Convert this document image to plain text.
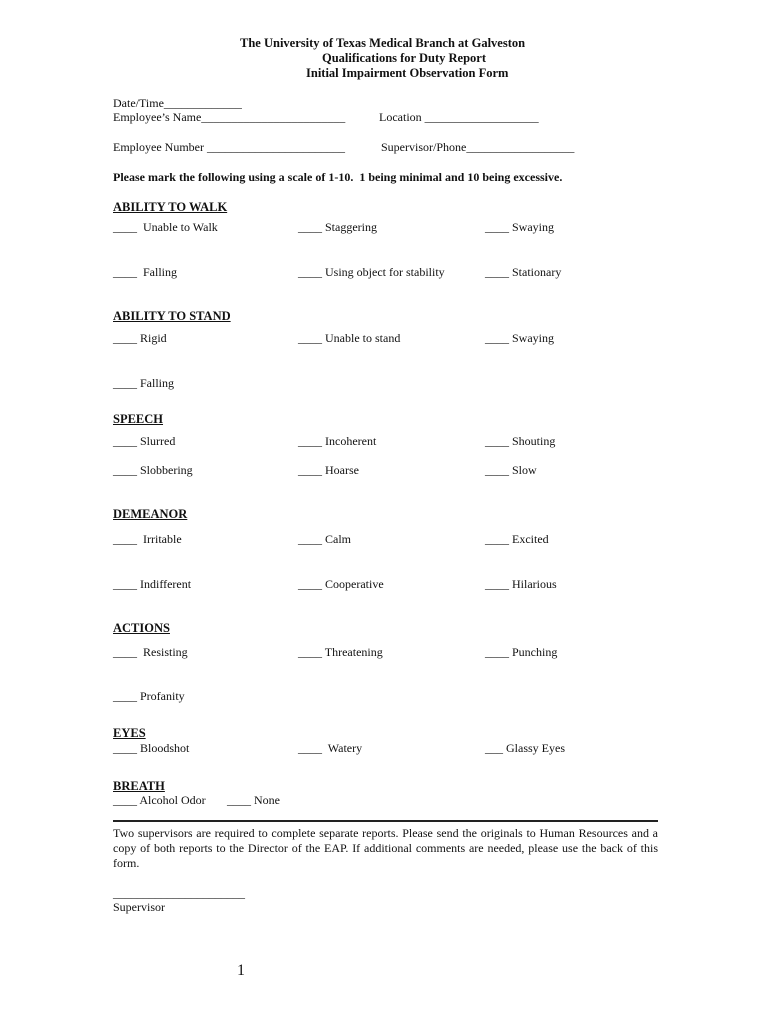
The University of Texas Medical Branch at Galveston
Qualifications for Duty Report
Initial Impairment Observation Form
Date/Time_____________
Employee’s Name________________________	Location ___________________
Employee Number _______________________	Supervisor/Phone__________________
Please mark the following using a scale of 1-10.  1 being minimal and 10 being excessive.
ABILITY TO WALK
____  Unable to Walk	____ Staggering	____ Swaying
____  Falling	____ Using object for stability	____ Stationary
ABILITY TO STAND
____ Rigid	____ Unable to stand	____ Swaying
____ Falling
SPEECH
____ Slurred	____ Incoherent	____ Shouting
____ Slobbering	____ Hoarse	____ Slow
DEMEANOR
____  Irritable	____ Calm	____ Excited
____ Indifferent	____ Cooperative	____ Hilarious
ACTIONS
____  Resisting	____ Threatening	____ Punching
____ Profanity
EYES
____ Bloodshot	____  Watery	___ Glassy Eyes
BREATH
____ Alcohol Odor ____ None
Two supervisors are required to complete separate reports. Please send the originals to Human Resources and a copy of both reports to the Director of the EAP. If additional comments are needed, please use the back of this form.
______________________
Supervisor
1
